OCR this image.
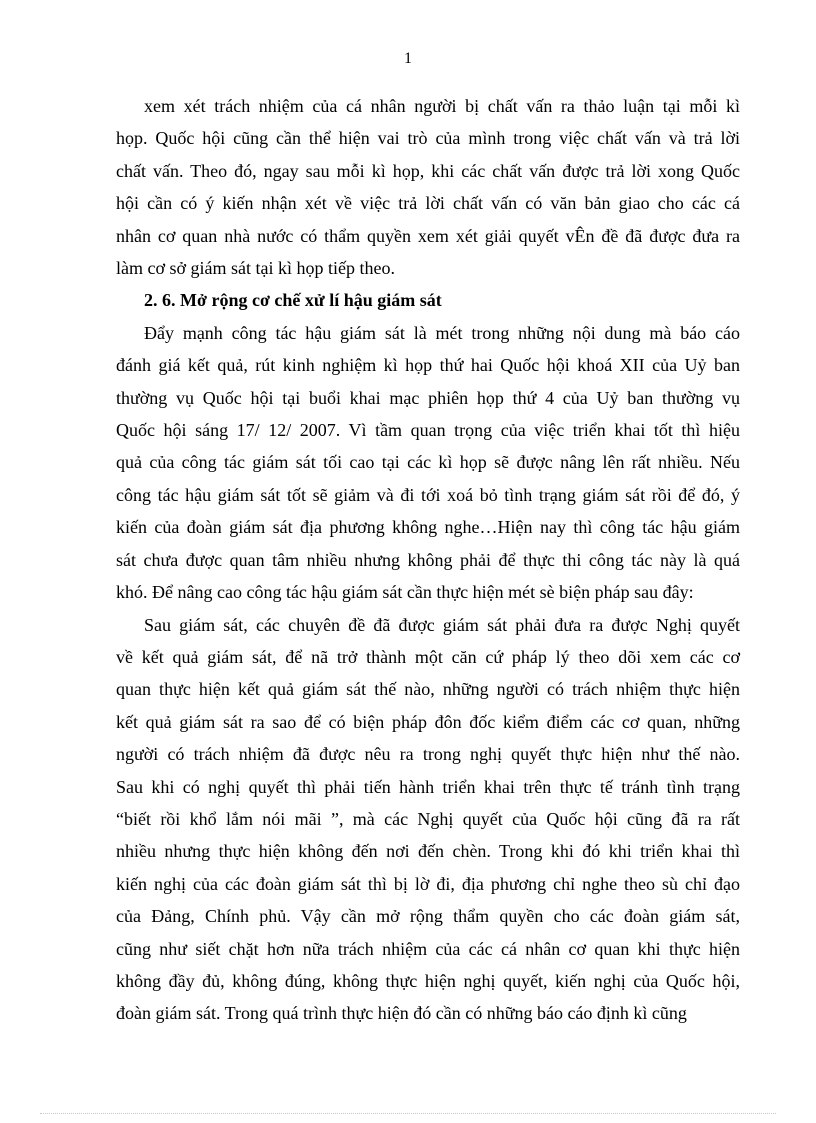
1

xem xét trách nhiệm của cá nhân người bị chất vấn ra thảo luận tại mỗi kì
họp. Quốc hội cũng cần thể hiện vai trò của mình trong việc chất vấn và trả lời
chất vấn. Theo đó, ngay sau mỗi kì họp, khi các chất vấn được trả lời xong Quốc
hội cần có ý kiến nhận xét về việc trả lời chất vấn có văn bản giao cho các cá
nhân cơ quan nhà nước có thẩm quyền xem xét giải quyết vÊn đề đã được đưa ra
làm cơ sở giám sát tại kì họp tiếp theo.

2. 6. Mở rộng cơ chế xử lí hậu giám sát

Đẩy mạnh công tác hậu giám sát là mét trong những nội dung mà báo cáo
đánh giá kết quả, rút kinh nghiệm kì họp thứ hai Quốc hội khoá XII của Uỷ ban
thường vụ Quốc hội tại buổi khai mạc phiên họp thứ 4 của Uỷ ban thường vụ
Quốc hội sáng 17/ 12/ 2007. Vì tầm quan trọng của việc triển khai tốt thì hiệu
quả của công tác giám sát tối cao tại các kì họp sẽ được nâng lên rất nhiều. Nếu
công tác hậu giám sát tốt sẽ giảm và đi tới xoá bỏ tình trạng giám sát rồi để đó, ý
kiến của đoàn giám sát địa phương không nghe…Hiện nay thì công tác hậu giám
sát chưa được quan tâm nhiều nhưng không phải để thực thi công tác này là quá
khó. Để nâng cao công tác hậu giám sát cần thực hiện mét sè biện pháp sau đây:

Sau giám sát, các chuyên đề đã được giám sát phải đưa ra được Nghị quyết
về kết quả giám sát, để nã trở thành một căn cứ pháp lý theo dõi xem các cơ
quan thực hiện kết quả giám sát thế nào, những người có trách nhiệm thực hiện
kết quả giám sát ra sao để có biện pháp đôn đốc kiểm điểm các cơ quan, những
người có trách nhiệm đã được nêu ra trong nghị quyết thực hiện như thế nào.
Sau khi có nghị quyết thì phải tiến hành triển khai trên thực tế tránh tình trạng
“biết rồi khổ lắm nói mãi ”, mà các Nghị quyết của Quốc hội cũng đã ra rất
nhiều nhưng thực hiện không đến nơi đến chèn. Trong khi đó khi triển khai thì
kiến nghị của các đoàn giám sát thì bị lờ đi, địa phương chỉ nghe theo sù chỉ đạo
của Đảng, Chính phủ. Vậy cần mở rộng thẩm quyền cho các đoàn giám sát,
cũng như siết chặt hơn nữa trách nhiệm của các cá nhân cơ quan khi thực hiện
không đầy đủ, không đúng, không thực hiện nghị quyết, kiến nghị của Quốc hội,
đoàn giám sát. Trong quá trình thực hiện đó cần có những báo cáo định kì cũng
